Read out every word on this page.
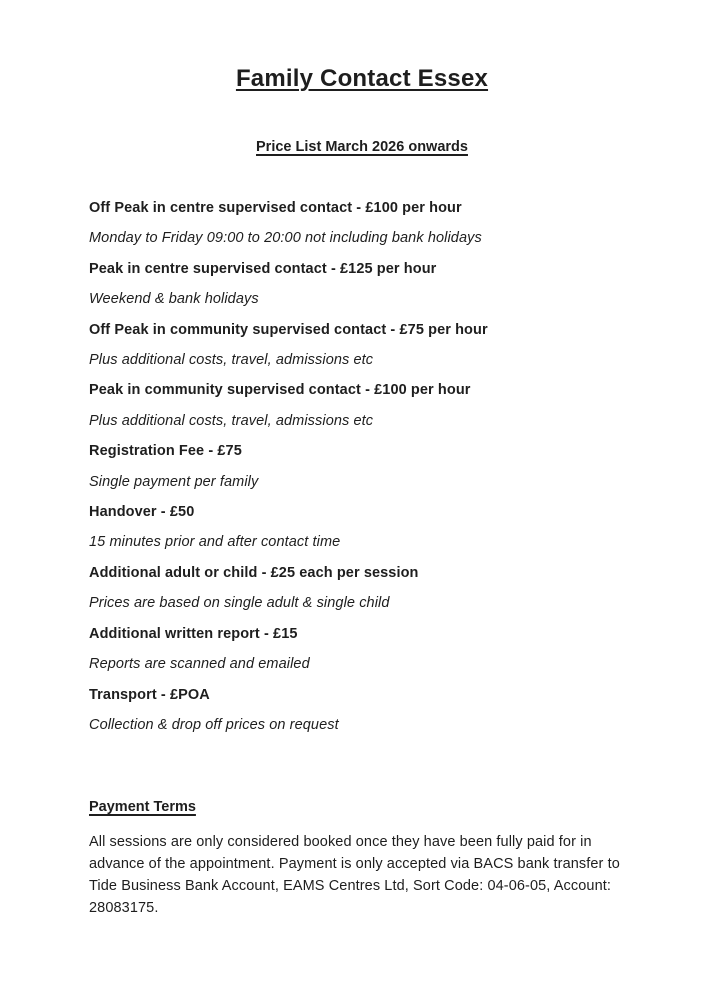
Family Contact Essex
Price List March 2026 onwards

Off Peak in centre supervised contact - £100 per hour

Monday to Friday 09:00 to 20:00 not including bank holidays

Peak in centre supervised contact - £125 per hour

Weekend & bank holidays

Off Peak in community supervised contact - £75 per hour

Plus additional costs, travel, admissions etc

Peak in community supervised contact - £100 per hour

Plus additional costs, travel, admissions etc

Registration Fee - £75

Single payment per family

Handover - £50

15 minutes prior and after contact time

Additional adult or child - £25 each per session

Prices are based on single adult & single child

Additional written report - £15

Reports are scanned and emailed

Transport - £POA

Collection & drop off prices on request

Payment Terms

All sessions are only considered booked once they have been fully paid for in advance of the appointment. Payment is only accepted via BACS bank transfer to Tide Business Bank Account, EAMS Centres Ltd, Sort Code: 04-06-05, Account: 28083175.
